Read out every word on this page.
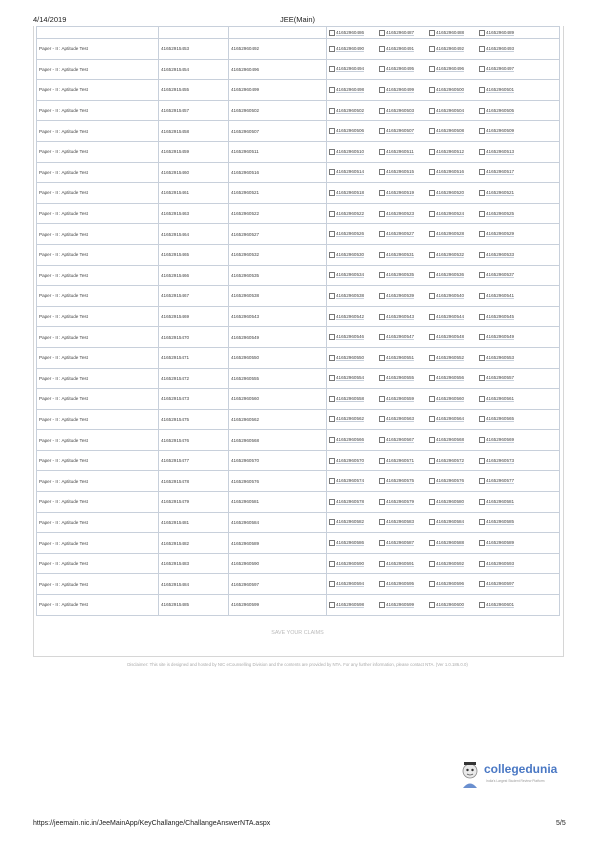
4/14/2019	JEE(Main)

			41652960486 41652960487 41652960488 41652960489

Paper - II : Aptitude Test	41652915453	41652960492	41652960490 41652960491 41652960492 41652960493

Paper - II : Aptitude Test	41652915454	41652960496	41652960494 41652960495 41652960496 41652960497

Paper - II : Aptitude Test	41652915455	41652960499	41652960498 41652960499 41652960500 41652960501

Paper - II : Aptitude Test	41652915457	41652960502	41652960502 41652960503 41652960504 41652960505

Paper - II : Aptitude Test	41652915458	41652960507	41652960506 41652960507 41652960508 41652960509

Paper - II : Aptitude Test	41652915459	41652960511	41652960510 41652960511 41652960512 41652960513

Paper - II : Aptitude Test	41652915460	41652960516	41652960514 41652960515 41652960516 41652960517

Paper - II : Aptitude Test	41652915461	41652960521	41652960518 41652960519 41652960520 41652960521

Paper - II : Aptitude Test	41652915463	41652960522	41652960522 41652960523 41652960524 41652960525

Paper - II : Aptitude Test	41652915464	41652960527	41652960526 41652960527 41652960528 41652960529

Paper - II : Aptitude Test	41652915465	41652960532	41652960530 41652960531 41652960532 41652960533

Paper - II : Aptitude Test	41652915466	41652960535	41652960534 41652960535 41652960536 41652960537

Paper - II : Aptitude Test	41652915467	41652960538	41652960538 41652960539 41652960540 41652960541

Paper - II : Aptitude Test	41652915469	41652960543	41652960542 41652960543 41652960544 41652960545

Paper - II : Aptitude Test	41652915470	41652960549	41652960546 41652960547 41652960548 41652960549

Paper - II : Aptitude Test	41652915471	41652960550	41652960550 41652960551 41652960552 41652960553

Paper - II : Aptitude Test	41652915472	41652960555	41652960554 41652960555 41652960556 41652960557

Paper - II : Aptitude Test	41652915473	41652960560	41652960558 41652960559 41652960560 41652960561

Paper - II : Aptitude Test	41652915475	41652960562	41652960562 41652960563 41652960564 41652960565

Paper - II : Aptitude Test	41652915476	41652960568	41652960566 41652960567 41652960568 41652960569

Paper - II : Aptitude Test	41652915477	41652960570	41652960570 41652960571 41652960572 41652960573

Paper - II : Aptitude Test	41652915478	41652960576	41652960574 41652960575 41652960576 41652960577

Paper - II : Aptitude Test	41652915479	41652960581	41652960578 41652960579 41652960580 41652960581

Paper - II : Aptitude Test	41652915481	41652960584	41652960582 41652960583 41652960584 41652960585

Paper - II : Aptitude Test	41652915482	41652960589	41652960586 41652960587 41652960588 41652960589

Paper - II : Aptitude Test	41652915483	41652960590	41652960590 41652960591 41652960592 41652960593

Paper - II : Aptitude Test	41652915484	41652960597	41652960594 41652960595 41652960596 41652960597

Paper - II : Aptitude Test	41652915485	41652960599	41652960598 41652960599 41652960600 41652960601
SAVE YOUR CLAIMS
Disclaimer: This site is designed and hosted by NIC eCounselling Division and the contents are provided by NTA. For any further information, please contact NTA. (Ver 1.0.186.0.0)
collegedunia
India's Largest Student Review Platform
https://jeemain.nic.in/JeeMainApp/KeyChallange/ChallangeAnswerNTA.aspx	5/5
